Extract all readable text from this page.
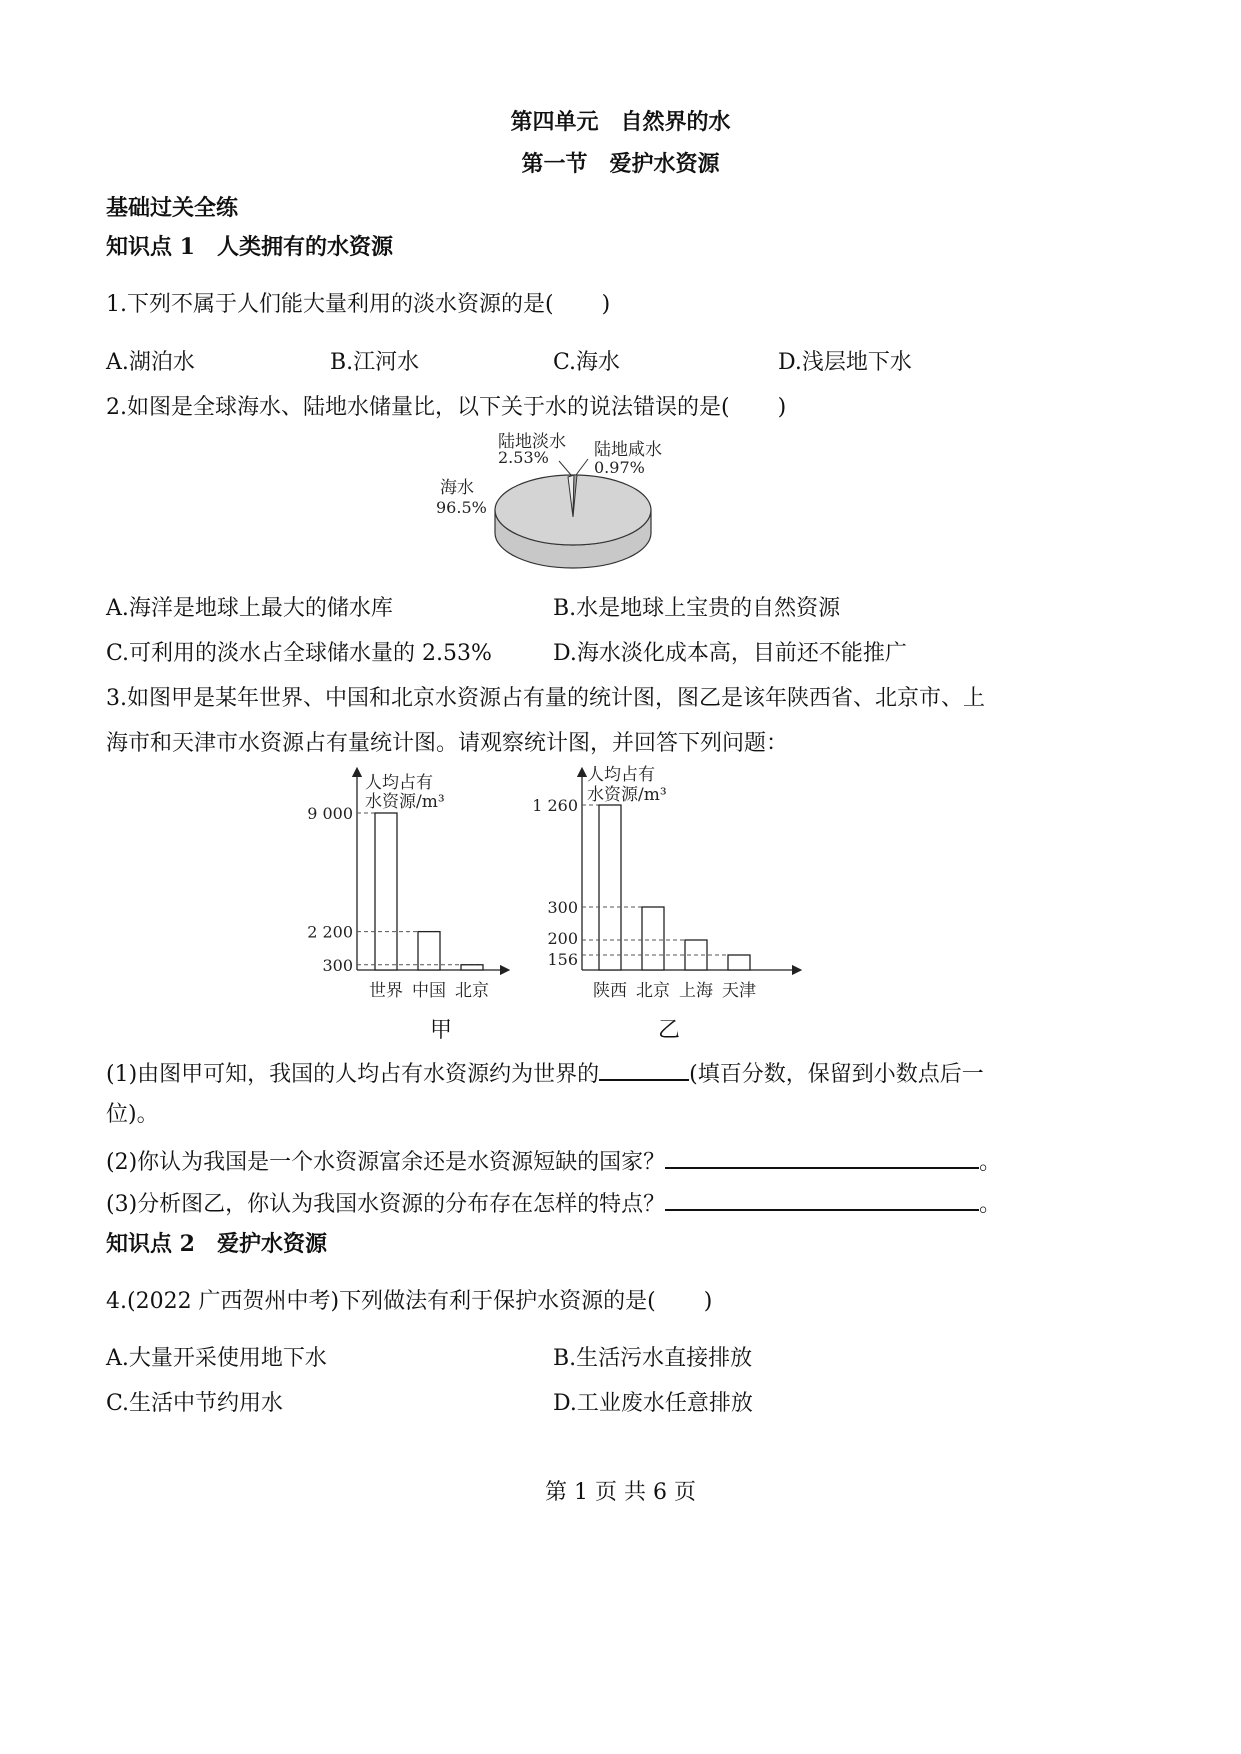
第四单元　自然界的水
第一节　爱护水资源
基础过关全练
知识点 1　人类拥有的水资源
1.下列不属于人们能大量利用的淡水资源的是( )
A.湖泊水	B.江河水	C.海水	D.浅层地下水
2.如图是全球海水、陆地水储量比，以下关于水的说法错误的是( )
陆地淡水
2.53%	陆地咸水
0.97%
海水
96.5%
A.海洋是地球上最大的储水库	B.水是地球上宝贵的自然资源
C.可利用的淡水占全球储水量的 2.53%	D.海水淡化成本高，目前还不能推广
3.如图甲是某年世界、中国和北京水资源占有量的统计图，图乙是该年陕西省、北京市、上
海市和天津市水资源占有量统计图。请观察统计图，并回答下列问题：
人均占有
水资源/m³
9 000
世界
2 200
中国
300
北京
人均占有
水资源/m³
1 260
陕西
300
北京
200
上海
156
天津
甲	乙
(1)由图甲可知，我国的人均占有水资源约为世界的	(填百分数，保留到小数点后一
位)。
(2)你认为我国是一个水资源富余还是水资源短缺的国家？	。
(3)分析图乙，你认为我国水资源的分布存在怎样的特点？	。
知识点 2　爱护水资源
4.(2022 广西贺州中考)下列做法有利于保护水资源的是( )
A.大量开采使用地下水	B.生活污水直接排放
C.生活中节约用水	D.工业废水任意排放
第 1 页 共 6 页
